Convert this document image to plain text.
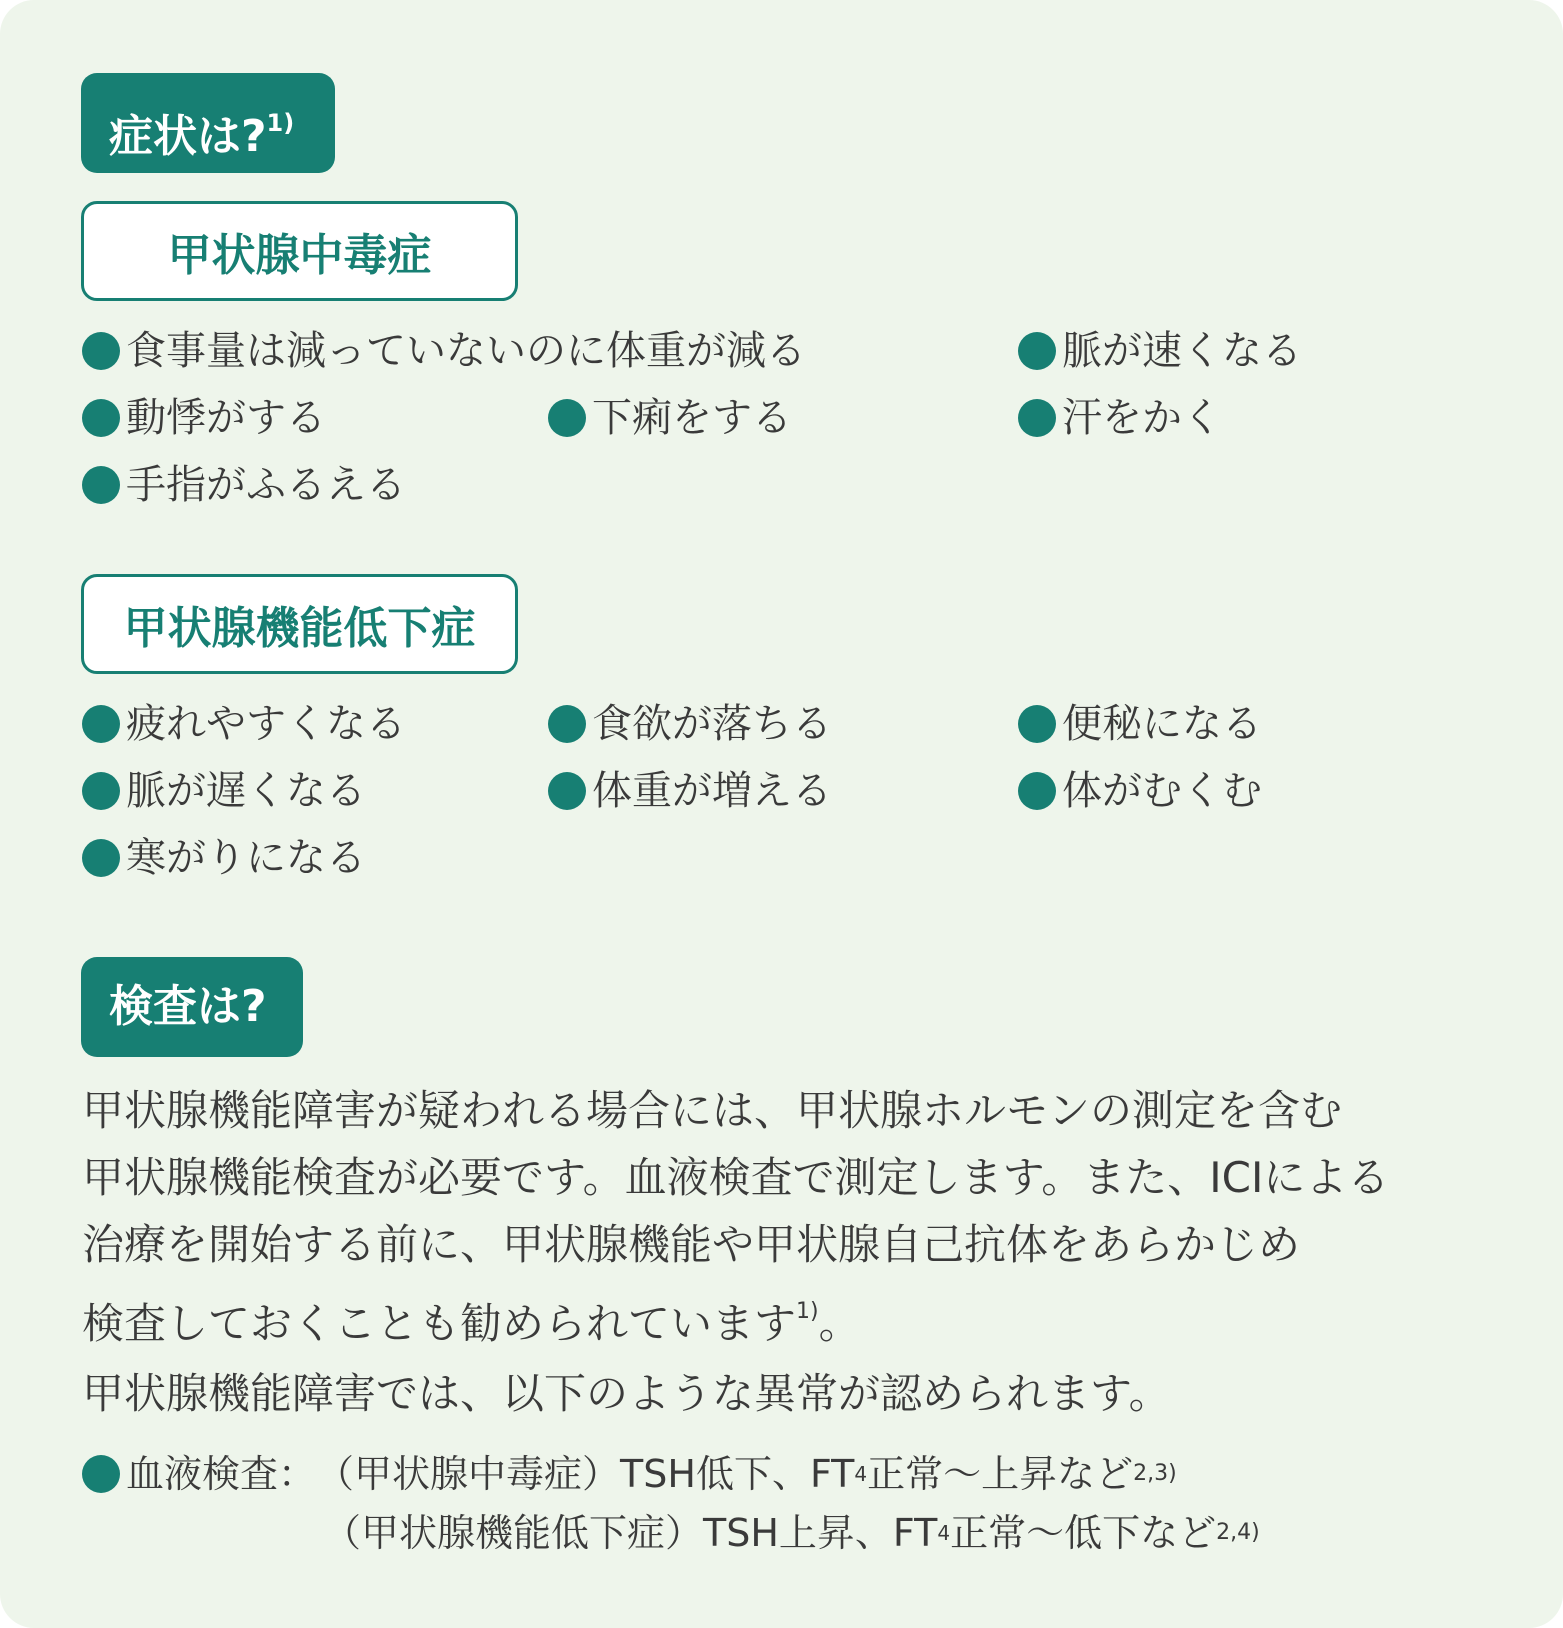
症状は?$^{1)}$
甲状腺中毒症
食事量は減っていないのに体重が減る	脈が速くなる
動悸がする	下痢をする	汗をかく
手指がふるえる
甲状腺機能低下症
疲れやすくなる	食欲が落ちる	便秘になる
脈が遅くなる	体重が増える	体がむくむ
寒がりになる
検査は?

甲状腺機能障害が疑われる場合には、甲状腺ホルモンの測定を含む

甲状腺機能検査が必要です。血液検査で測定します。また、ICIによる

治療を開始する前に、甲状腺機能や甲状腺自己抗体をあらかじめ

検査しておくことも勧められています$^{1)}$。

甲状腺機能障害では、以下のような異常が認められます。

血液検査： （甲状腺中毒症） TSH低下、FT 4 正常～上昇など 2,3)
（甲状腺機能低下症） TSH上昇、FT 4 正常～低下など 2,4)
